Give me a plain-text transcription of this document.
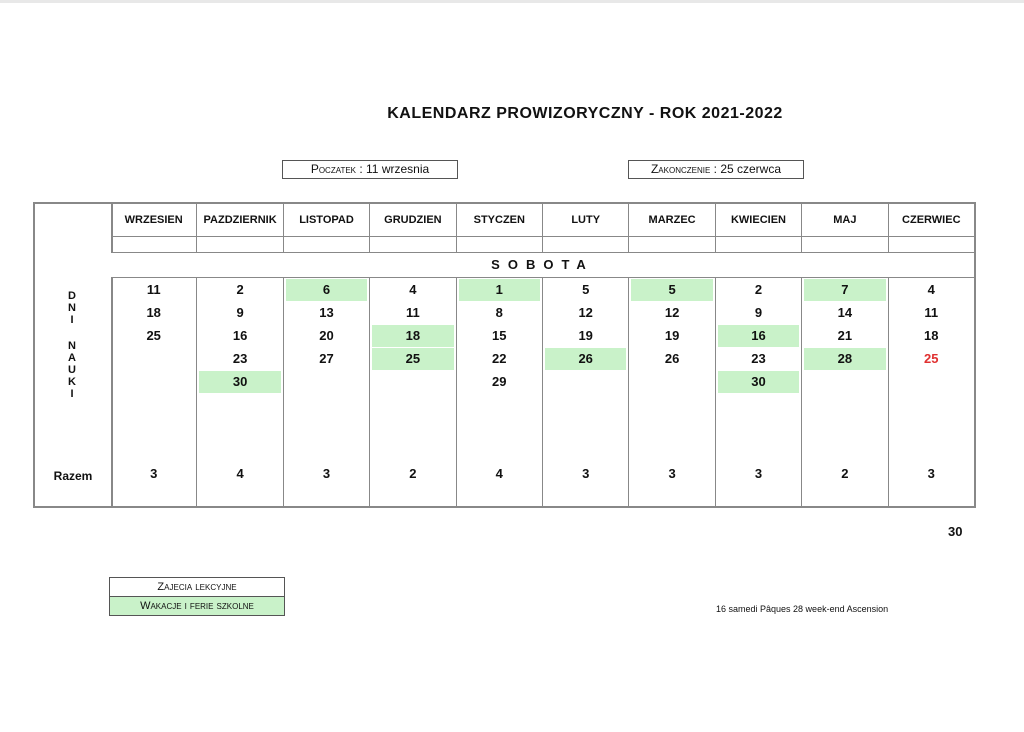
KALENDARZ PROWIZORYCZNY - ROK 2021-2022
Poczatek : 11 wrzesnia	Zakonczenie : 25 czerwca
D
N
I
N
A
U
K
I
Razem
WRZESIEN
11
18
25
3
PAZDZIERNIK
2
9
16
23
30
4
LISTOPAD
6
13
20
27
3
GRUDZIEN
4
11
18
25
2
STYCZEN
1
8
15
22
29
4
LUTY
5
12
19
26
3
MARZEC
5
12
19
26
3
KWIECIEN
2
9
16
23
30
3
MAJ
7
14
21
28
2
CZERWIEC
4
11
18
25
3
SOBOTA
30
Zajecia lekcyjne
Wakacje i ferie szkolne	16 samedi Pâques 28 week-end Ascension
